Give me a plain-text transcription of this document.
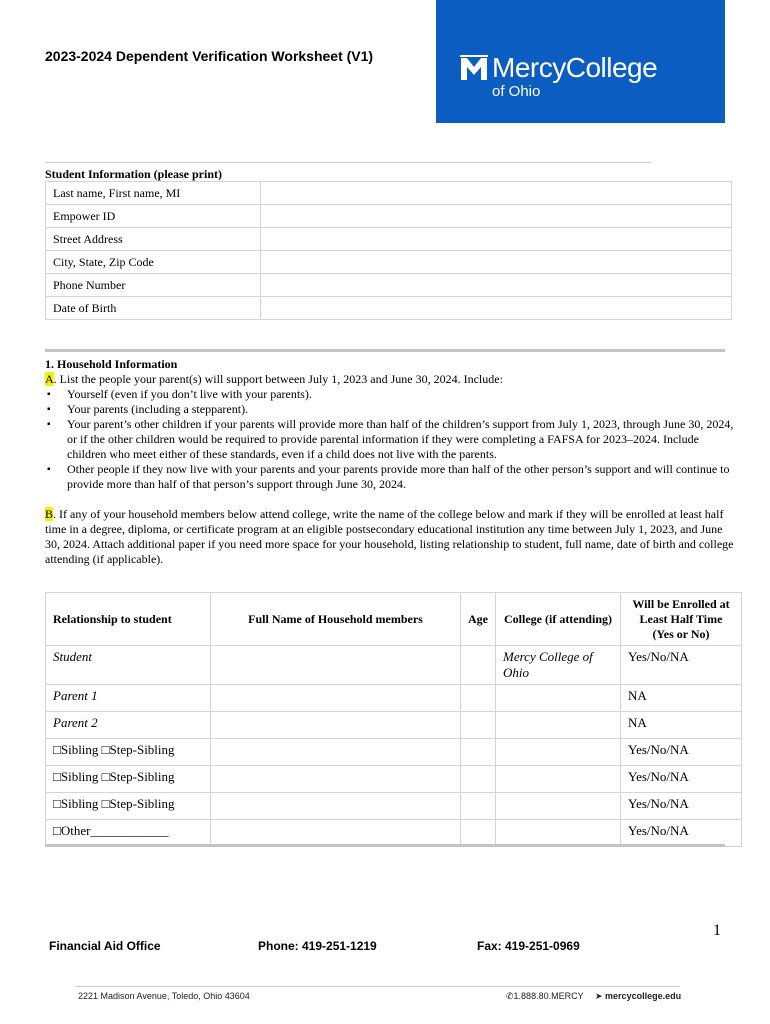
2023-2024 Dependent Verification Worksheet (V1)	MercyCollege
of Ohio
Student Information (please print)
Last name, First name, MI	
Empower ID	
Street Address	
City, State, Zip Code	
Phone Number	
Date of Birth	
1. Household Information
A. List the people your parent(s) will support between July 1, 2023 and June 30, 2024. Include:
▪ Yourself (even if you don’t live with your parents).
▪ Your parents (including a stepparent).
▪ Your parent’s other children if your parents will provide more than half of the children’s support from July 1, 2023, through June 30, 2024, or if the other children would be required to provide parental information if they were completing a FAFSA for 2023–2024. Include children who meet either of these standards, even if a child does not live with the parents.
▪ Other people if they now live with your parents and your parents provide more than half of the other person’s support and will continue to provide more than half of that person’s support through June 30, 2024.
B. If any of your household members below attend college, write the name of the college below and mark if they will be enrolled at least half time in a degree, diploma, or certificate program at an eligible postsecondary educational institution any time between July 1, 2023, and June 30, 2024. Attach additional paper if you need more space for your household, listing relationship to student, full name, date of birth and college attending (if applicable).
Relationship to student	Full Name of Household members	Age	College (if attending)	Will be Enrolled at Least Half Time (Yes or No)
Student			Mercy College of Ohio	Yes/No/NA
Parent 1				NA
Parent 2				NA
□Sibling □Step-Sibling				Yes/No/NA
□Sibling □Step-Sibling				Yes/No/NA
□Sibling □Step-Sibling				Yes/No/NA
□Other____________				Yes/No/NA
1
Financial Aid Office	Phone: 419-251-1219	Fax: 419-251-0969
2221 Madison Avenue, Toledo, Ohio 43604	✆1.888.80.MERCY ➤ mercycollege.edu
